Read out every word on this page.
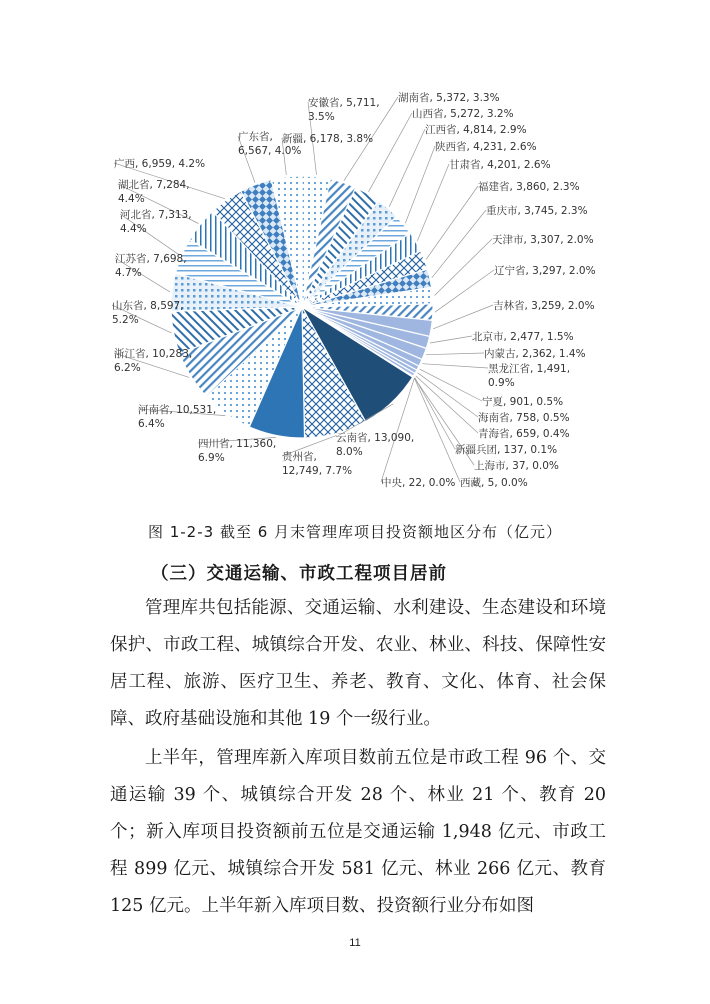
安徽省, 5,711, 3.5%
湖南省, 5,372, 3.3%
山西省, 5,272, 3.2%
江西省, 4,814, 2.9%
陕西省, 4,231, 2.6%
甘肃省, 4,201, 2.6%
福建省, 3,860, 2.3%
重庆市, 3,745, 2.3%
天津市, 3,307, 2.0%
辽宁省, 3,297, 2.0%
吉林省, 3,259, 2.0%
北京市, 2,477, 1.5%
内蒙古, 2,362, 1.4%
黑龙江省, 1,491, 0.9%
宁夏, 901, 0.5%
海南省, 758, 0.5%
青海省, 659, 0.4%
新疆兵团, 137, 0.1%
上海市, 37, 0.0%
西藏, 5, 0.0%
中央, 22, 0.0%
云南省, 13,090, 8.0%
贵州省, 12,749, 7.7%
四川省, 11,360, 6.9%
河南省, 10,531, 6.4%
浙江省, 10,283, 6.2%
山东省, 8,597, 5.2%
江苏省, 7,698, 4.7%
河北省, 7,313, 4.4%
湖北省, 7,284, 4.4%
广西, 6,959, 4.2%
广东省, 6,567, 4.0%
新疆, 6,178, 3.8%
图 1-2-3 截至 6 月末管理库项目投资额地区分布（亿元）
（三）交通运输、市政工程项目居前
管理库共包括能源、交通运输、水利建设、生态建设和环境保护、市政工程、城镇综合开发、农业、林业、科技、保障性安居工程、旅游、医疗卫生、养老、教育、文化、体育、社会保障、政府基础设施和其他 19 个一级行业。
上半年，管理库新入库项目数前五位是市政工程 96 个、交通运输 39 个、城镇综合开发 28 个、林业 21 个、教育 20 个；新入库项目投资额前五位是交通运输 1,948 亿元、市政工程 899 亿元、城镇综合开发 581 亿元、林业 266 亿元、教育 125 亿元。上半年新入库项目数、投资额行业分布如图
11
